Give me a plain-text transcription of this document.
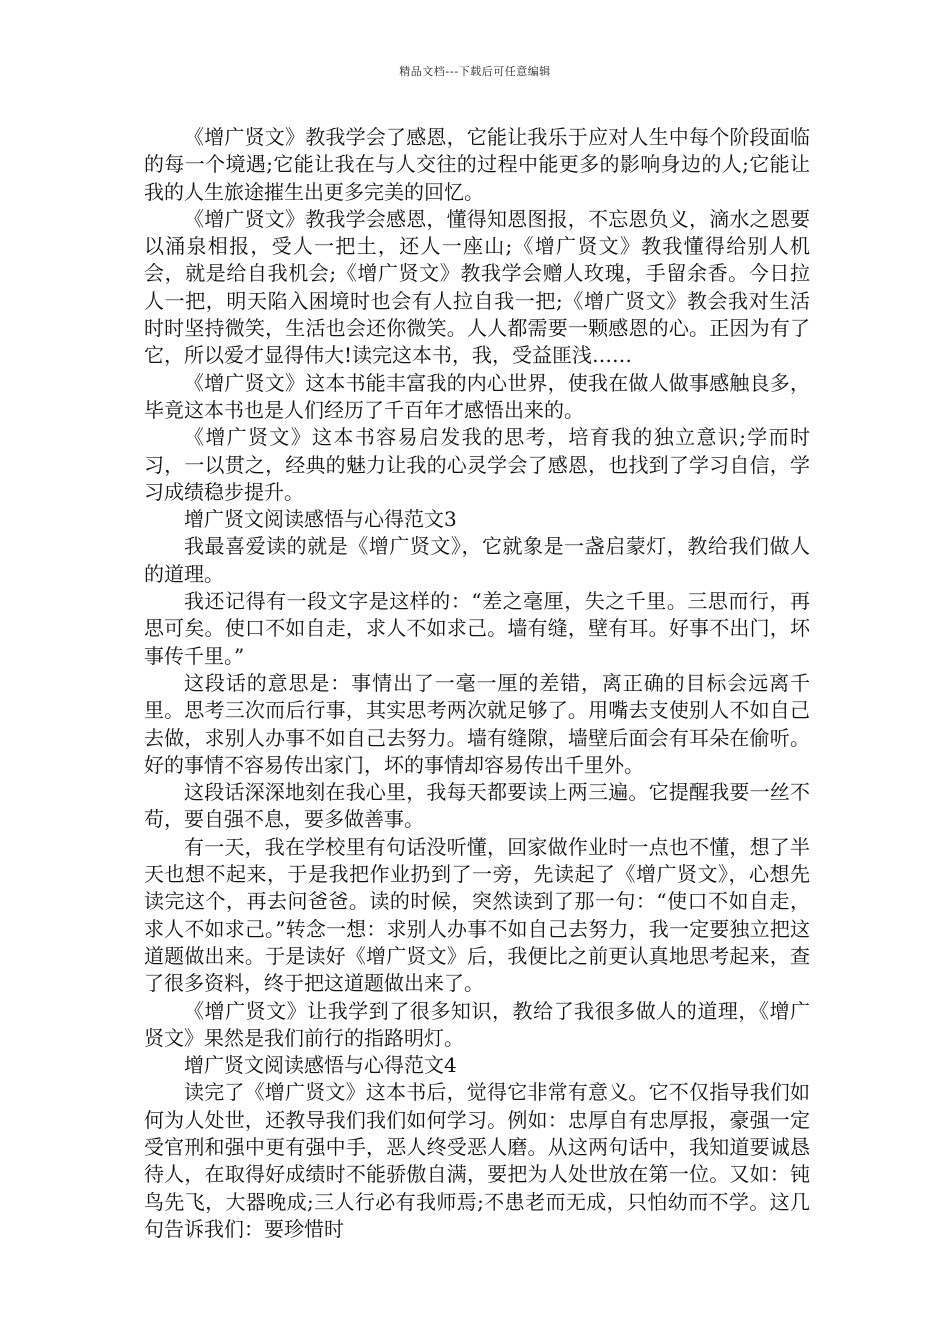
精品文档---下载后可任意编辑

《增广贤文》教我学会了感恩，它能让我乐于应对人生中每个阶段面临的每一个境遇;它能让我在与人交往的过程中能更多的影响身边的人;它能让我的人生旅途摧生出更多完美的回忆。

《增广贤文》教我学会感恩，懂得知恩图报，不忘恩负义，滴水之恩要以涌泉相报，受人一把土，还人一座山;《增广贤文》教我懂得给别人机会，就是给自我机会;《增广贤文》教我学会赠人玫瑰，手留余香。今日拉人一把，明天陷入困境时也会有人拉自我一把;《增广贤文》教会我对生活时时坚持微笑，生活也会还你微笑。人人都需要一颗感恩的心。正因为有了它，所以爱才显得伟大!读完这本书，我，受益匪浅……

《增广贤文》这本书能丰富我的内心世界，使我在做人做事感触良多，毕竟这本书也是人们经历了千百年才感悟出来的。

《增广贤文》这本书容易启发我的思考，培育我的独立意识;学而时习，一以贯之，经典的魅力让我的心灵学会了感恩，也找到了学习自信，学习成绩稳步提升。

增广贤文阅读感悟与心得范文3

我最喜爱读的就是《增广贤文》，它就象是一盏启蒙灯，教给我们做人的道理。

我还记得有一段文字是这样的：“差之毫厘，失之千里。三思而行，再思可矣。使口不如自走，求人不如求己。墙有缝，壁有耳。好事不出门，坏事传千里。”

这段话的意思是：事情出了一毫一厘的差错，离正确的目标会远离千里。思考三次而后行事，其实思考两次就足够了。用嘴去支使别人不如自己去做，求别人办事不如自己去努力。墙有缝隙，墙壁后面会有耳朵在偷听。好的事情不容易传出家门，坏的事情却容易传出千里外。

这段话深深地刻在我心里，我每天都要读上两三遍。它提醒我要一丝不苟，要自强不息，要多做善事。

有一天，我在学校里有句话没听懂，回家做作业时一点也不懂，想了半天也想不起来，于是我把作业扔到了一旁，先读起了《增广贤文》，心想先读完这个，再去问爸爸。读的时候，突然读到了那一句：“使口不如自走，求人不如求己。”转念一想：求别人办事不如自己去努力，我一定要独立把这道题做出来。于是读好《增广贤文》后，我便比之前更认真地思考起来，查了很多资料，终于把这道题做出来了。

《增广贤文》让我学到了很多知识，教给了我很多做人的道理，《增广贤文》果然是我们前行的指路明灯。

增广贤文阅读感悟与心得范文4

读完了《增广贤文》这本书后，觉得它非常有意义。它不仅指导我们如何为人处世，还教导我们我们如何学习。例如：忠厚自有忠厚报，豪强一定受官刑和强中更有强中手，恶人终受恶人磨。从这两句话中，我知道要诚恳待人，在取得好成绩时不能骄傲自满，要把为人处世放在第一位。又如：钝鸟先飞，大器晚成;三人行必有我师焉;不患老而无成，只怕幼而不学。这几句告诉我们：要珍惜时
